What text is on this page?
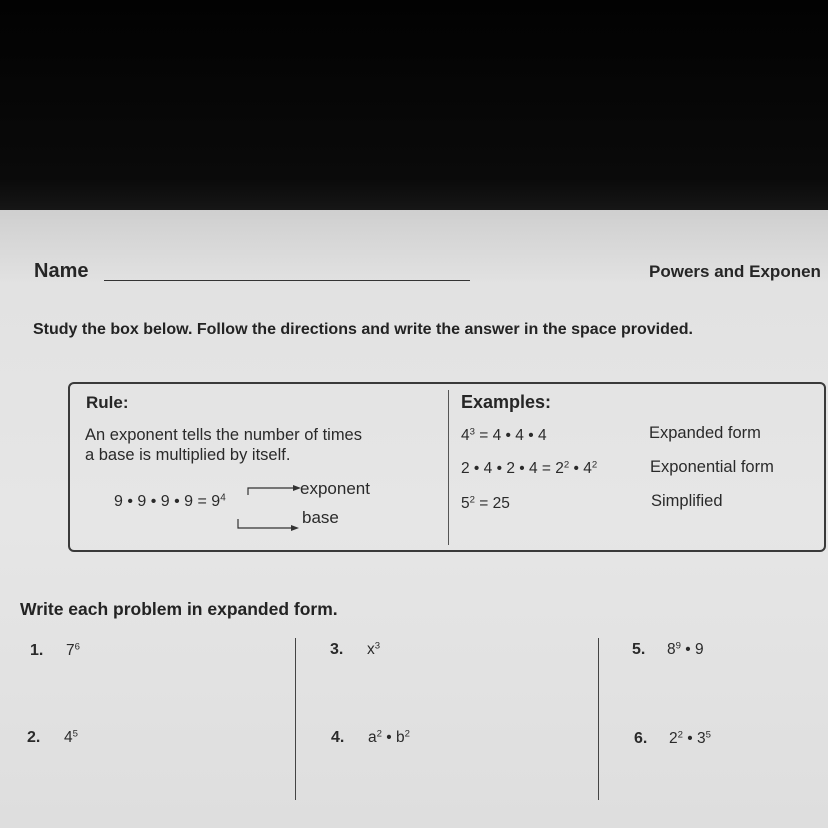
Name	Powers and Exponen
Study the box below. Follow the directions and write the answer in the space provided.
Rule:
An exponent tells the number of times
a base is multiplied by itself.
9 • 9 • 9 • $9 = 9^4$
exponent
base
Examples:
$4^3 = 4$ • 4 • 4	Expanded form
2 • 4 • 2 • $4 = 2^2$ • $4^2$	Exponential form
$5^2 = 25$	Simplified
Write each problem in expanded form.
1. $7^6$
2. $4^5$
3. $x^3$
4. $a^2$ • $b^2$
5. $8^9$ • 9
6. $2^2$ • $3^5$
